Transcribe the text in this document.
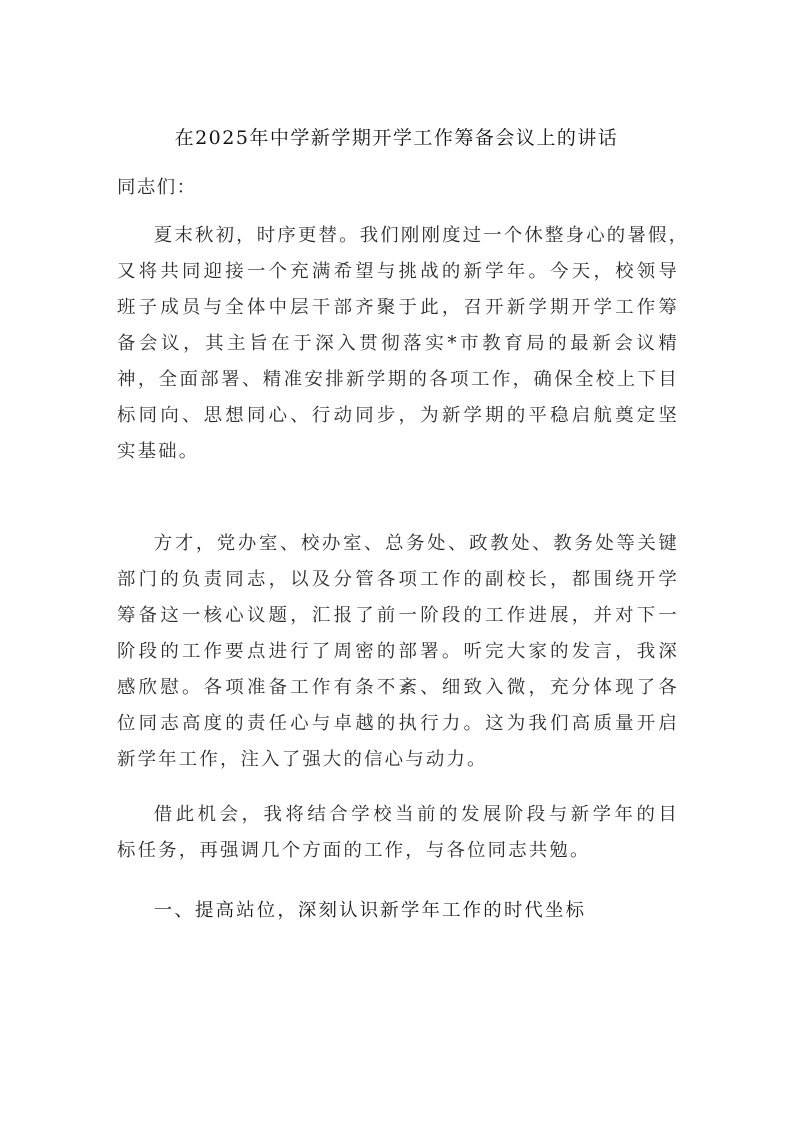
在2025年中学新学期开学工作筹备会议上的讲话
同志们：
夏末秋初，时序更替。我们刚刚度过一个休整身心的暑假，
又将共同迎接一个充满希望与挑战的新学年。今天，校领导
班子成员与全体中层干部齐聚于此，召开新学期开学工作筹
备会议，其主旨在于深入贯彻落实*市教育局的最新会议精
神，全面部署、精准安排新学期的各项工作，确保全校上下目
标同向、思想同心、行动同步，为新学期的平稳启航奠定坚
实基础。
方才，党办室、校办室、总务处、政教处、教务处等关键
部门的负责同志，以及分管各项工作的副校长，都围绕开学
筹备这一核心议题，汇报了前一阶段的工作进展，并对下一
阶段的工作要点进行了周密的部署。听完大家的发言，我深
感欣慰。各项准备工作有条不紊、细致入微，充分体现了各
位同志高度的责任心与卓越的执行力。这为我们高质量开启
新学年工作，注入了强大的信心与动力。
借此机会，我将结合学校当前的发展阶段与新学年的目
标任务，再强调几个方面的工作，与各位同志共勉。
一、提高站位，深刻认识新学年工作的时代坐标
